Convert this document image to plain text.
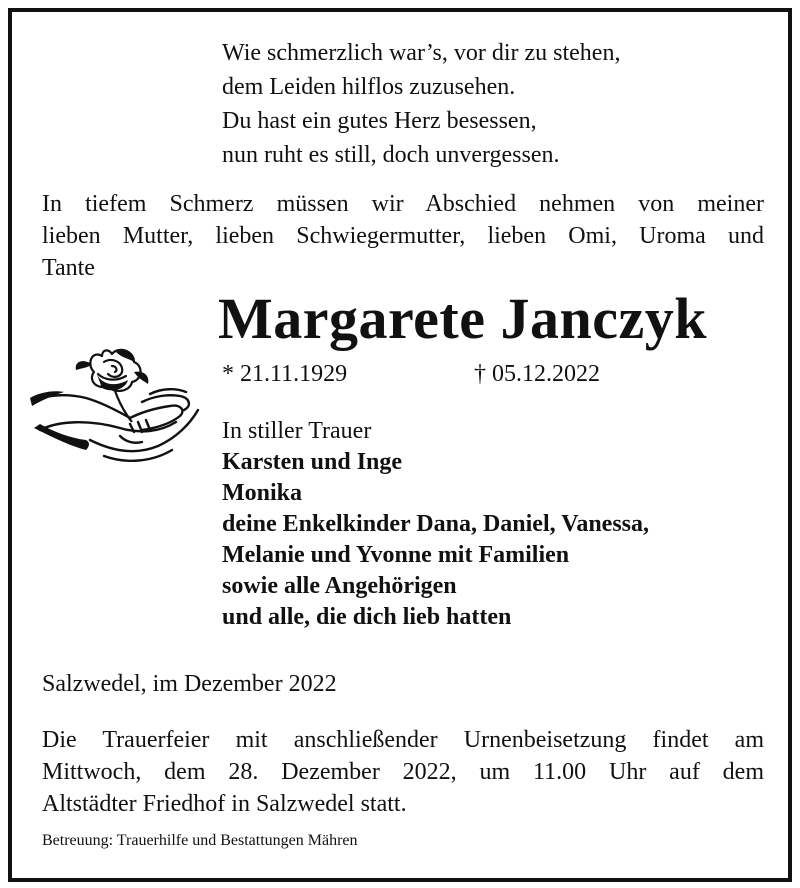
Wie schmerzlich war’s, vor dir zu stehen,
dem Leiden hilflos zuzusehen.
Du hast ein gutes Herz besessen,
nun ruht es still, doch unvergessen.
In tiefem Schmerz müssen wir Abschied nehmen von meiner
lieben Mutter, lieben Schwiegermutter, lieben Omi, Uroma und
Tante
Margarete Janczyk
* 21.11.1929	† 05.12.2022
In stiller Trauer
Karsten und Inge
Monika
deine Enkelkinder Dana, Daniel, Vanessa,
Melanie und Yvonne mit Familien
sowie alle Angehörigen
und alle, die dich lieb hatten
Salzwedel, im Dezember 2022
Die Trauerfeier mit anschließender Urnenbeisetzung findet am
Mittwoch, dem 28. Dezember 2022, um 11.00 Uhr auf dem
Altstädter Friedhof in Salzwedel statt.
Betreuung: Trauerhilfe und Bestattungen Mähren
